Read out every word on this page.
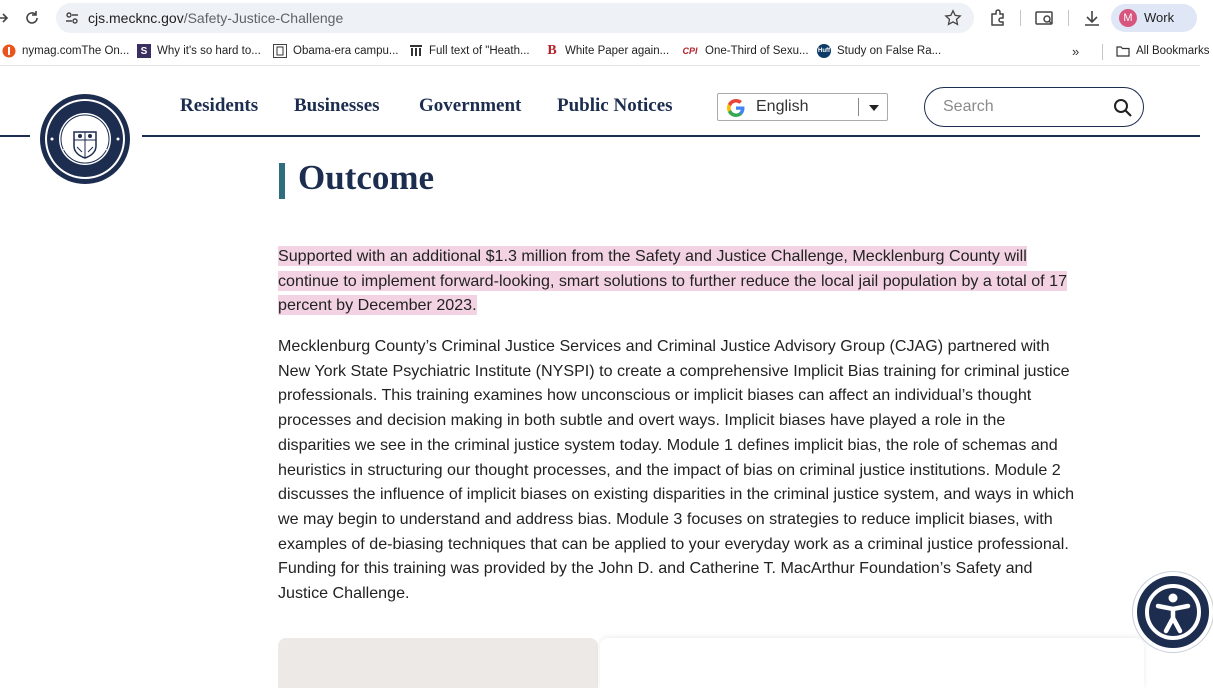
cjs.mecknc.gov/Safety-Justice-Challenge	M Work
nymag.comThe On...	S Why it's so hard to...	Obama-era campu...	Full text of "Heath... B White Paper again... CPI One-Third of Sexu... Huff Study on False Ra...	»	All Bookmarks
Residents Businesses Government Public Notices	English	Search
Outcome

Supported with an additional $1.3 million from the Safety and Justice Challenge, Mecklenburg County will continue to implement forward-looking, smart solutions to further reduce the local jail population by a total of 17 percent by December 2023.

Mecklenburg County’s Criminal Justice Services and Criminal Justice Advisory Group (CJAG) partnered with New York State Psychiatric Institute (NYSPI) to create a comprehensive Implicit Bias training for criminal justice professionals. This training examines how unconscious or implicit biases can affect an individual’s thought processes and decision making in both subtle and overt ways. Implicit biases have played a role in the disparities we see in the criminal justice system today. Module 1 defines implicit bias, the role of schemas and heuristics in structuring our thought processes, and the impact of bias on criminal justice institutions. Module 2 discusses the influence of implicit biases on existing disparities in the criminal justice system, and ways in which we may begin to understand and address bias. Module 3 focuses on strategies to reduce implicit biases, with examples of de-biasing techniques that can be applied to your everyday work as a criminal justice professional. Funding for this training was provided by the John D. and Catherine T. MacArthur Foundation’s Safety and Justice Challenge.
